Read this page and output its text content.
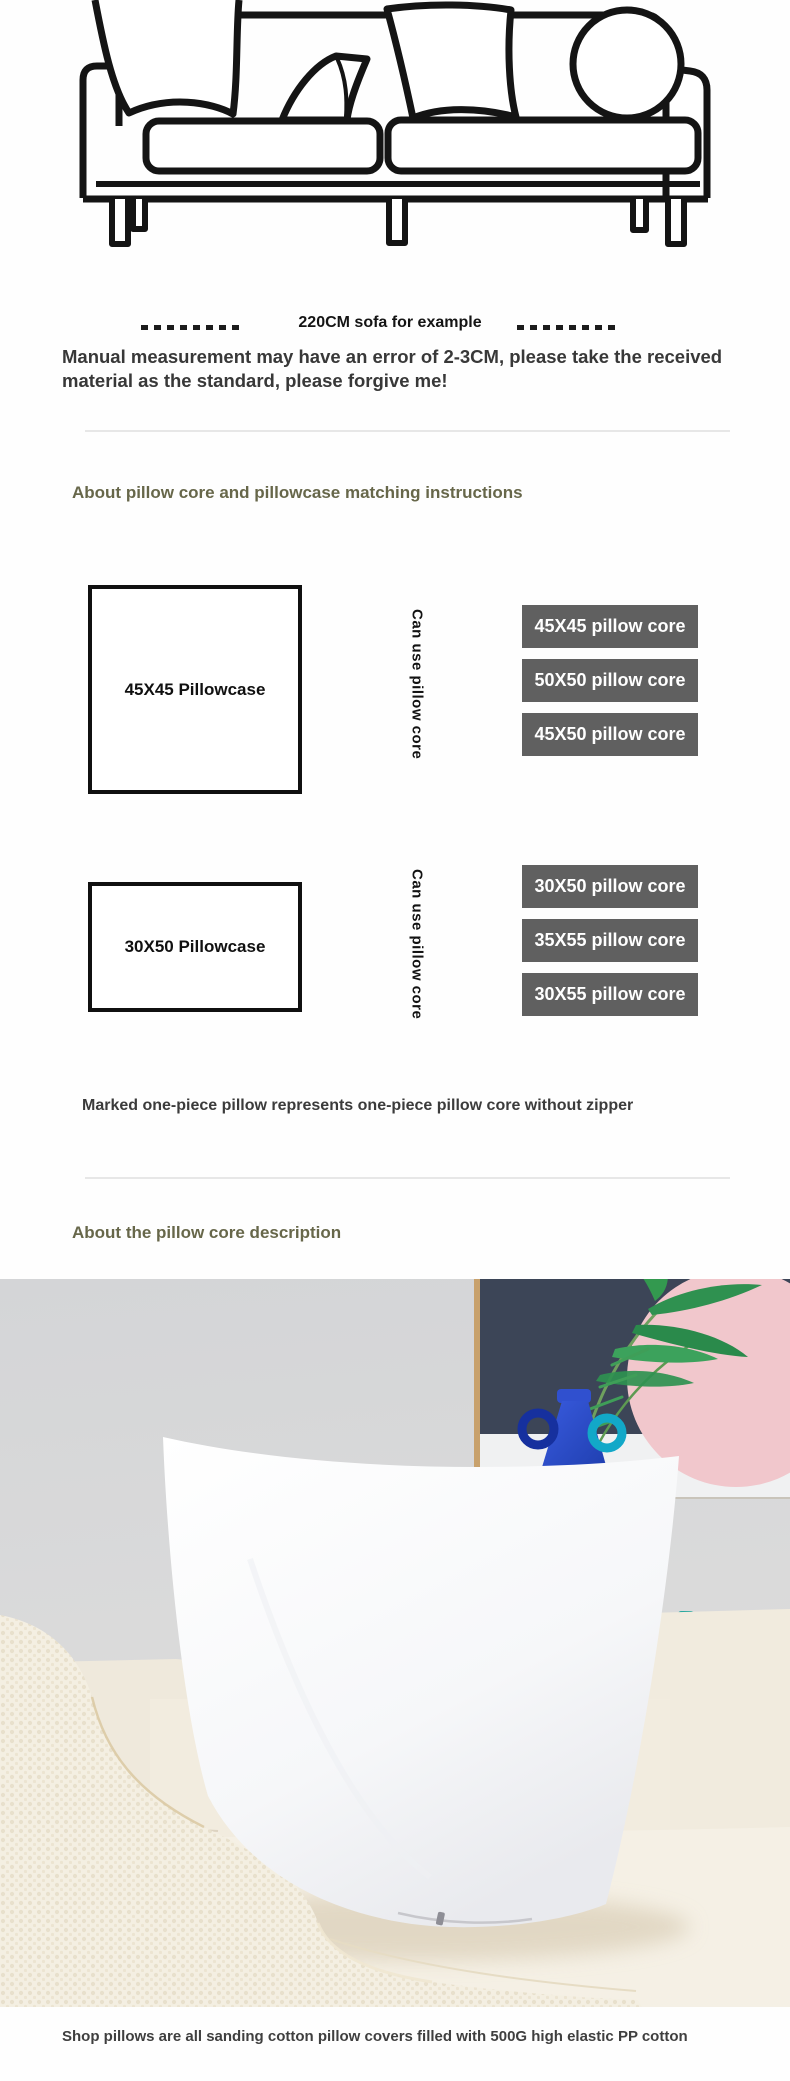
220CM sofa for example
Manual measurement may have an error of 2-3CM, please take the received material as the standard, please forgive me!
About pillow core and pillowcase matching instructions
45X45 Pillowcase	Can use pillow core	45X45 pillow core
50X50 pillow core
45X50 pillow core
30X50 Pillowcase	Can use pillow core	30X50 pillow core
35X55 pillow core
30X55 pillow core
Marked one-piece pillow represents one-piece pillow core without zipper
About the pillow core description
Shop pillows are all sanding cotton pillow covers filled with 500G high elastic PP cotton
